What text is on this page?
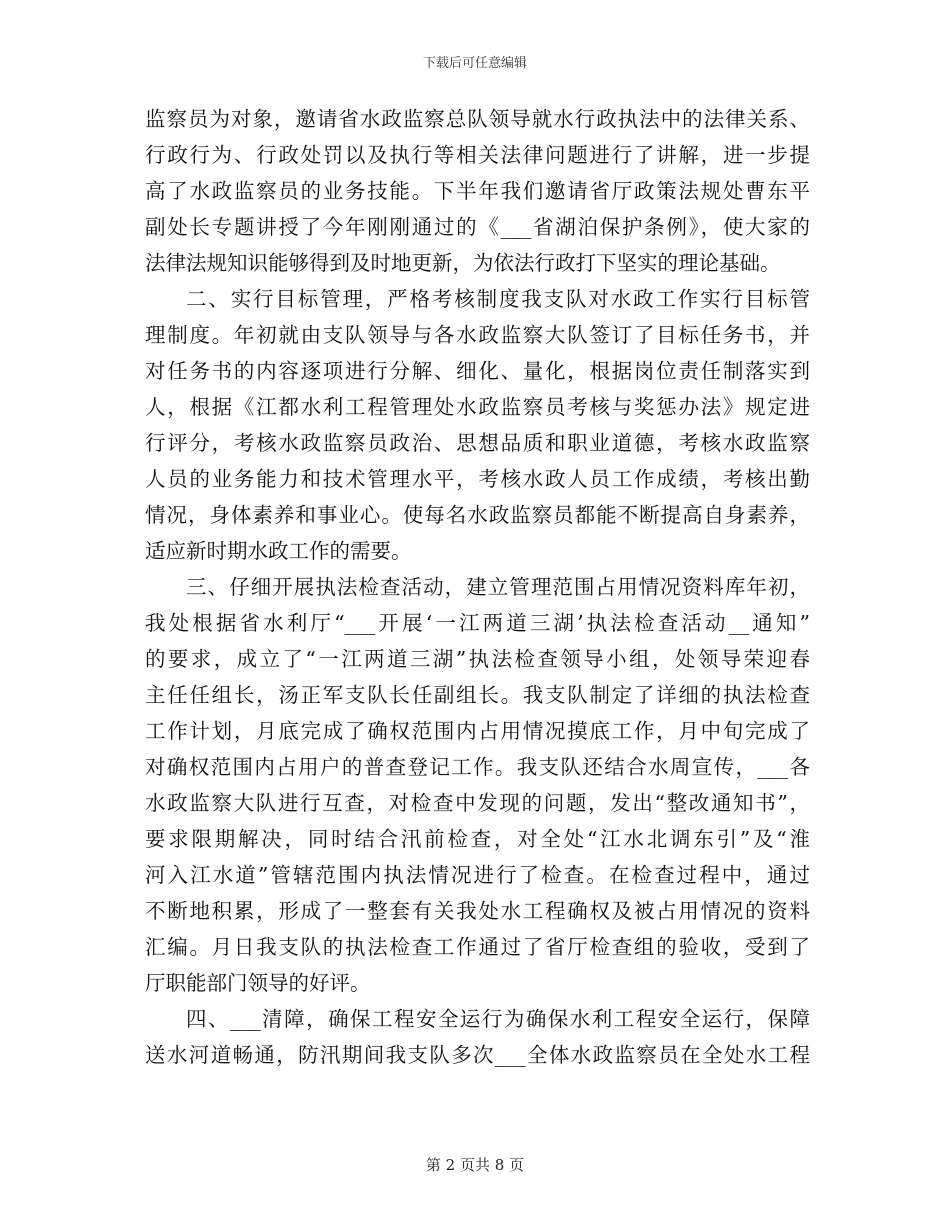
下载后可任意编辑
监察员为对象，邀请省水政监察总队领导就水行政执法中的法律关系、
行政行为、行政处罚以及执行等相关法律问题进行了讲解，进一步提
高了水政监察员的业务技能。下半年我们邀请省厅政策法规处曹东平
副处长专题讲授了今年刚刚通过的《___省湖泊保护条例》，使大家的
法律法规知识能够得到及时地更新，为依法行政打下坚实的理论基础。
二、实行目标管理，严格考核制度我支队对水政工作实行目标管
理制度。年初就由支队领导与各水政监察大队签订了目标任务书，并
对任务书的内容逐项进行分解、细化、量化，根据岗位责任制落实到
人，根据《江都水利工程管理处水政监察员考核与奖惩办法》规定进
行评分，考核水政监察员政治、思想品质和职业道德，考核水政监察
人员的业务能力和技术管理水平，考核水政人员工作成绩，考核出勤
情况，身体素养和事业心。使每名水政监察员都能不断提高自身素养，
适应新时期水政工作的需要。
三、仔细开展执法检查活动，建立管理范围占用情况资料库年初，
我处根据省水利厅“___开展‘一江两道三湖’执法检查活动__通知”
的要求，成立了“一江两道三湖”执法检查领导小组，处领导荣迎春
主任任组长，汤正军支队长任副组长。我支队制定了详细的执法检查
工作计划，月底完成了确权范围内占用情况摸底工作，月中旬完成了
对确权范围内占用户的普查登记工作。我支队还结合水周宣传，___各
水政监察大队进行互查，对检查中发现的问题，发出“整改通知书”，
要求限期解决，同时结合汛前检查，对全处“江水北调东引”及“淮
河入江水道”管辖范围内执法情况进行了检查。在检查过程中，通过
不断地积累，形成了一整套有关我处水工程确权及被占用情况的资料
汇编。月日我支队的执法检查工作通过了省厅检查组的验收，受到了
厅职能部门领导的好评。
四、___清障，确保工程安全运行为确保水利工程安全运行，保障
送水河道畅通，防汛期间我支队多次___全体水政监察员在全处水工程
第 2 页共 8 页
